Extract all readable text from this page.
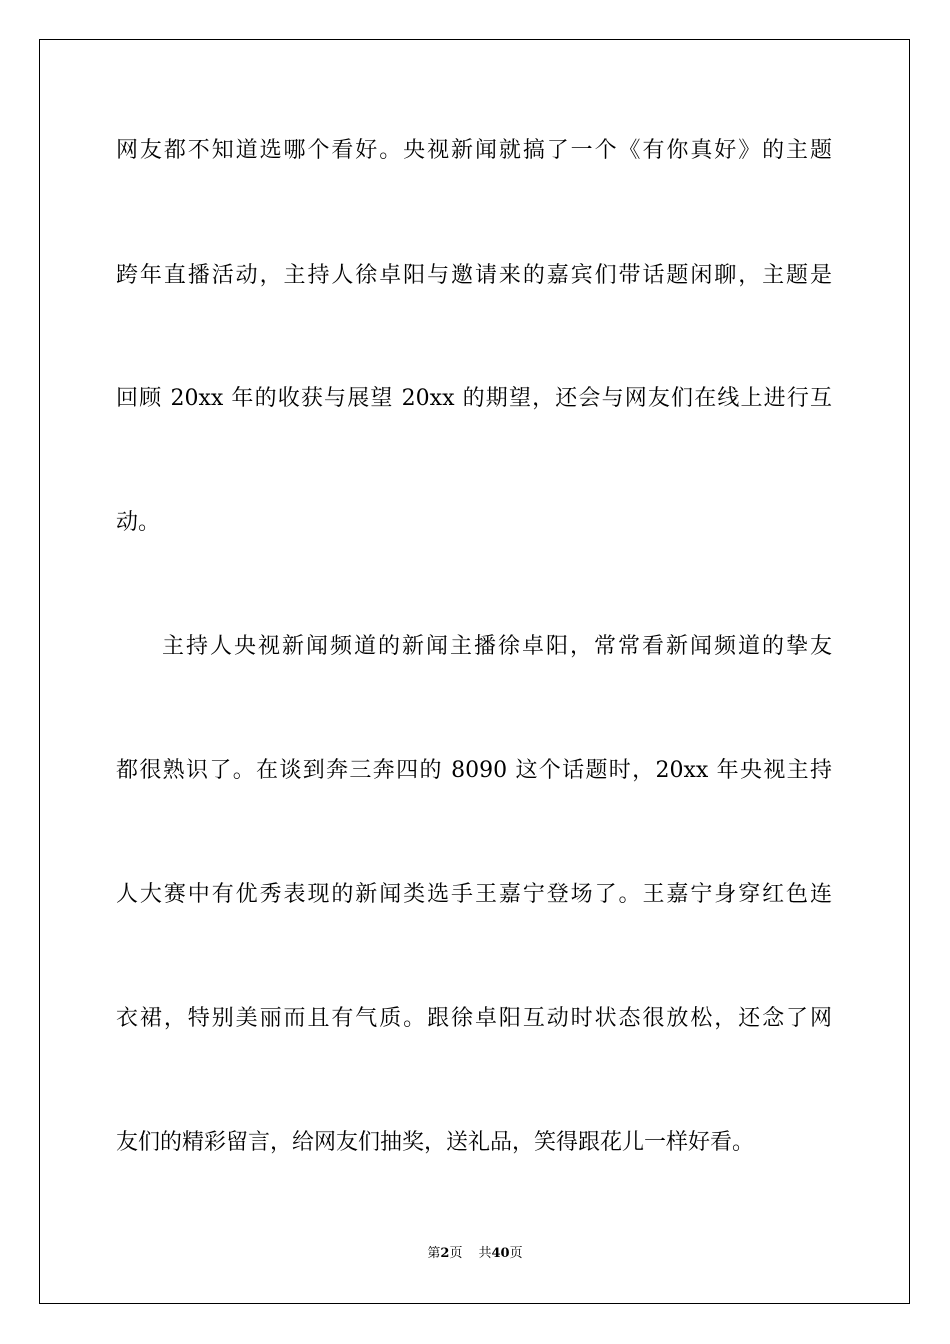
网友都不知道选哪个看好。央视新闻就搞了一个《有你真好》的主题
跨年直播活动，主持人徐卓阳与邀请来的嘉宾们带话题闲聊，主题是
回顾 20xx 年的收获与展望 20xx 的期望，还会与网友们在线上进行互
动。
主持人央视新闻频道的新闻主播徐卓阳，常常看新闻频道的挚友
都很熟识了。在谈到奔三奔四的 8090 这个话题时，20xx 年央视主持
人大赛中有优秀表现的新闻类选手王嘉宁登场了。王嘉宁身穿红色连
衣裙，特别美丽而且有气质。跟徐卓阳互动时状态很放松，还念了网
友们的精彩留言，给网友们抽奖，送礼品，笑得跟花儿一样好看。
第2页 共40页
